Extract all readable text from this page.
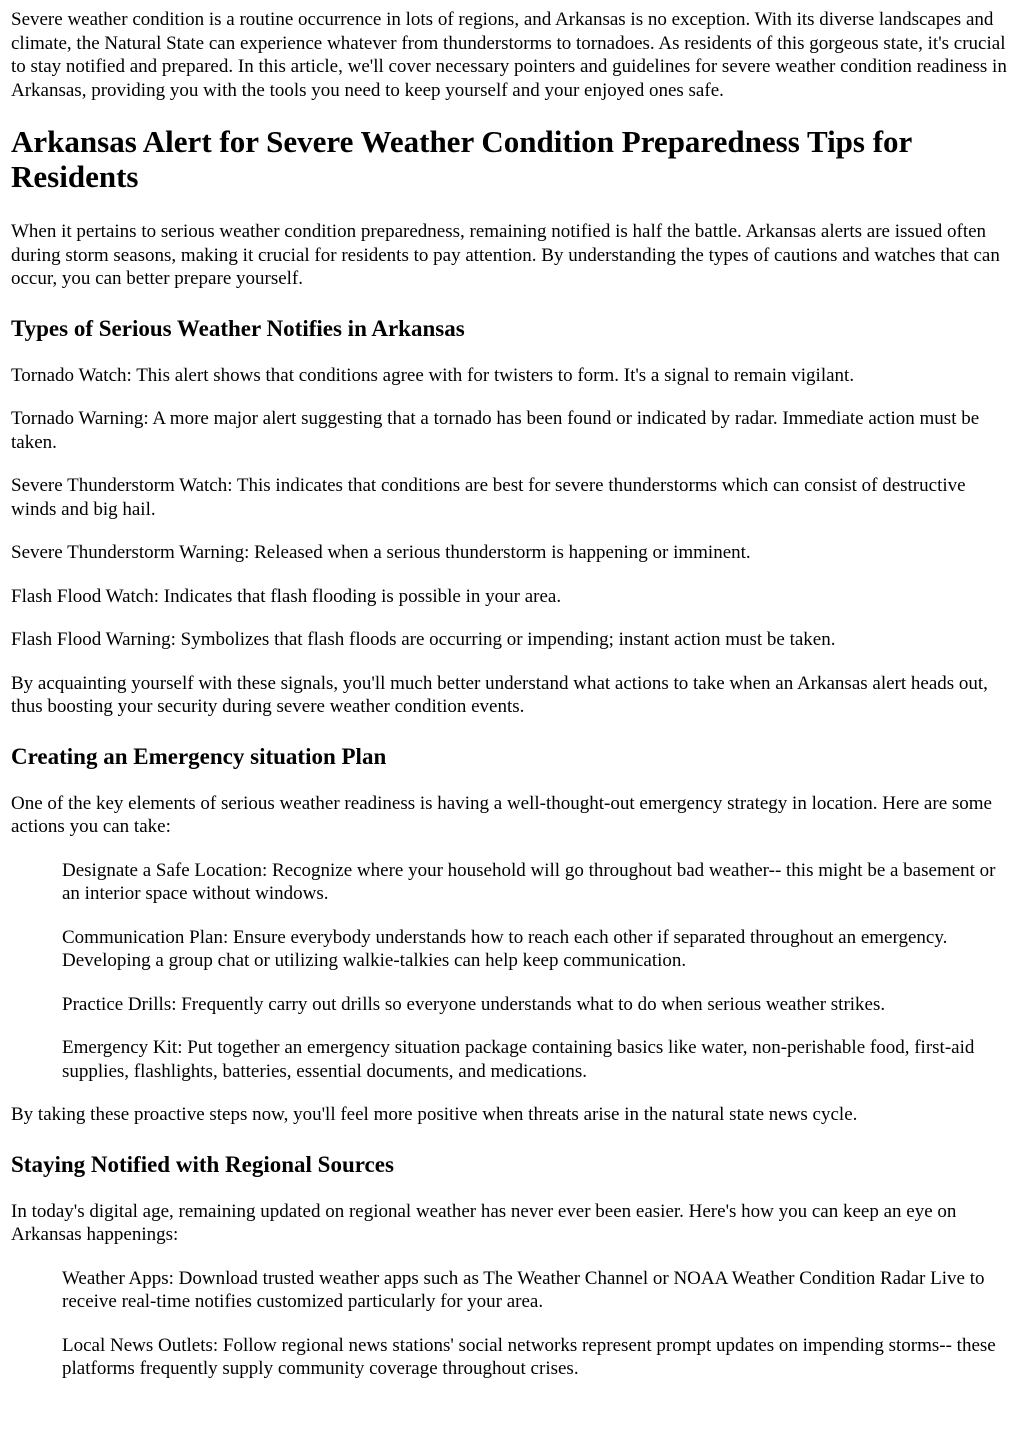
Severe weather condition is a routine occurrence in lots of regions, and Arkansas is no exception. With its diverse landscapes and climate, the Natural State can experience whatever from thunderstorms to tornadoes. As residents of this gorgeous state, it's crucial to stay notified and prepared. In this article, we'll cover necessary pointers and guidelines for severe weather condition readiness in Arkansas, providing you with the tools you need to keep yourself and your enjoyed ones safe.

Arkansas Alert for Severe Weather Condition Preparedness Tips for Residents

When it pertains to serious weather condition preparedness, remaining notified is half the battle. Arkansas alerts are issued often during storm seasons, making it crucial for residents to pay attention. By understanding the types of cautions and watches that can occur, you can better prepare yourself.

Types of Serious Weather Notifies in Arkansas

Tornado Watch: This alert shows that conditions agree with for twisters to form. It's a signal to remain vigilant.

Tornado Warning: A more major alert suggesting that a tornado has been found or indicated by radar. Immediate action must be taken.

Severe Thunderstorm Watch: This indicates that conditions are best for severe thunderstorms which can consist of destructive winds and big hail.

Severe Thunderstorm Warning: Released when a serious thunderstorm is happening or imminent.

Flash Flood Watch: Indicates that flash flooding is possible in your area.

Flash Flood Warning: Symbolizes that flash floods are occurring or impending; instant action must be taken.

By acquainting yourself with these signals, you'll much better understand what actions to take when an Arkansas alert heads out, thus boosting your security during severe weather condition events.

Creating an Emergency situation Plan

One of the key elements of serious weather readiness is having a well-thought-out emergency strategy in location. Here are some actions you can take:

Designate a Safe Location: Recognize where your household will go throughout bad weather-- this might be a basement or an interior space without windows.

Communication Plan: Ensure everybody understands how to reach each other if separated throughout an emergency. Developing a group chat or utilizing walkie-talkies can help keep communication.

Practice Drills: Frequently carry out drills so everyone understands what to do when serious weather strikes.

Emergency Kit: Put together an emergency situation package containing basics like water, non-perishable food, first-aid supplies, flashlights, batteries, essential documents, and medications.

By taking these proactive steps now, you'll feel more positive when threats arise in the natural state news cycle.

Staying Notified with Regional Sources

In today's digital age, remaining updated on regional weather has never ever been easier. Here's how you can keep an eye on Arkansas happenings:

Weather Apps: Download trusted weather apps such as The Weather Channel or NOAA Weather Condition Radar Live to receive real-time notifies customized particularly for your area.

Local News Outlets: Follow regional news stations' social networks represent prompt updates on impending storms-- these platforms frequently supply community coverage throughout crises.
